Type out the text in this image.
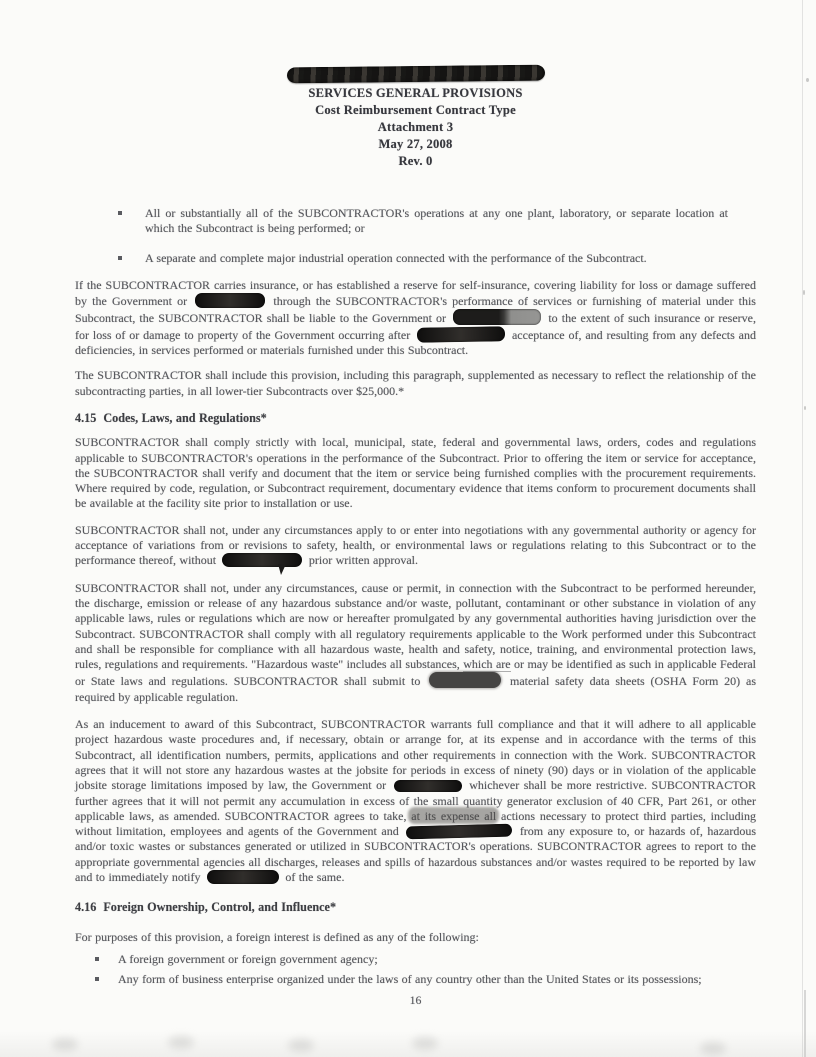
SERVICES GENERAL PROVISIONS
Cost Reimbursement Contract Type
Attachment 3
May 27, 2008
Rev. 0
All or substantially all of the SUBCONTRACTOR's operations at any one plant, laboratory, or separate location at which the Subcontract is being performed; or
A separate and complete major industrial operation connected with the performance of the Subcontract.

If the SUBCONTRACTOR carries insurance, or has established a reserve for self-insurance, covering liability for loss or damage suffered by the Government or	through the SUBCONTRACTOR's performance of services or furnishing of material under this Subcontract, the SUBCONTRACTOR shall be liable to the Government or	to the extent of such insurance or reserve, for loss of or damage to property of the Government occurring after	acceptance of, and resulting from any defects and deficiencies, in services performed or materials furnished under this Subcontract.

The SUBCONTRACTOR shall include this provision, including this paragraph, supplemented as necessary to reflect the relationship of the subcontracting parties, in all lower-tier Subcontracts over $25,000.*

4.15 Codes, Laws, and Regulations*

SUBCONTRACTOR shall comply strictly with local, municipal, state, federal and governmental laws, orders, codes and regulations applicable to SUBCONTRACTOR's operations in the performance of the Subcontract. Prior to offering the item or service for acceptance, the SUBCONTRACTOR shall verify and document that the item or service being furnished complies with the procurement requirements. Where required by code, regulation, or Subcontract requirement, documentary evidence that items conform to procurement documents shall be available at the facility site prior to installation or use.

SUBCONTRACTOR shall not, under any circumstances apply to or enter into negotiations with any governmental authority or agency for acceptance of variations from or revisions to safety, health, or environmental laws or regulations relating to this Subcontract or to the performance thereof, without	prior written approval.

SUBCONTRACTOR shall not, under any circumstances, cause or permit, in connection with the Subcontract to be performed hereunder, the discharge, emission or release of any hazardous substance and/or waste, pollutant, contaminant or other substance in violation of any applicable laws, rules or regulations which are now or hereafter promulgated by any governmental authorities having jurisdiction over the Subcontract. SUBCONTRACTOR shall comply with all regulatory requirements applicable to the Work performed under this Subcontract and shall be responsible for compliance with all hazardous waste, health and safety, notice, training, and environmental protection laws, rules, regulations and requirements. "Hazardous waste" includes all substances, which are or may be identified as such in applicable Federal or State laws and regulations. SUBCONTRACTOR shall submit to	material safety data sheets (OSHA Form 20) as required by applicable regulation.

As an inducement to award of this Subcontract, SUBCONTRACTOR warrants full compliance and that it will adhere to all applicable project hazardous waste procedures and, if necessary, obtain or arrange for, at its expense and in accordance with the terms of this Subcontract, all identification numbers, permits, applications and other requirements in connection with the Work. SUBCONTRACTOR agrees that it will not store any hazardous wastes at the jobsite for periods in excess of ninety (90) days or in violation of the applicable jobsite storage limitations imposed by law, the Government or	whichever shall be more restrictive. SUBCONTRACTOR further agrees that it will not permit any accumulation in excess of the small quantity generator exclusion of 40 CFR, Part 261, or other applicable laws, as amended. SUBCONTRACTOR agrees to take, at its expense all actions necessary to protect third parties, including without limitation, employees and agents of the Government and	from any exposure to, or hazards of, hazardous and/or toxic wastes or substances generated or utilized in SUBCONTRACTOR's operations. SUBCONTRACTOR agrees to report to the appropriate governmental agencies all discharges, releases and spills of hazardous substances and/or wastes required to be reported by law and to immediately notify	of the same.

4.16 Foreign Ownership, Control, and Influence*

For purposes of this provision, a foreign interest is defined as any of the following:

A foreign government or foreign government agency;
Any form of business enterprise organized under the laws of any country other than the United States or its possessions;
16
